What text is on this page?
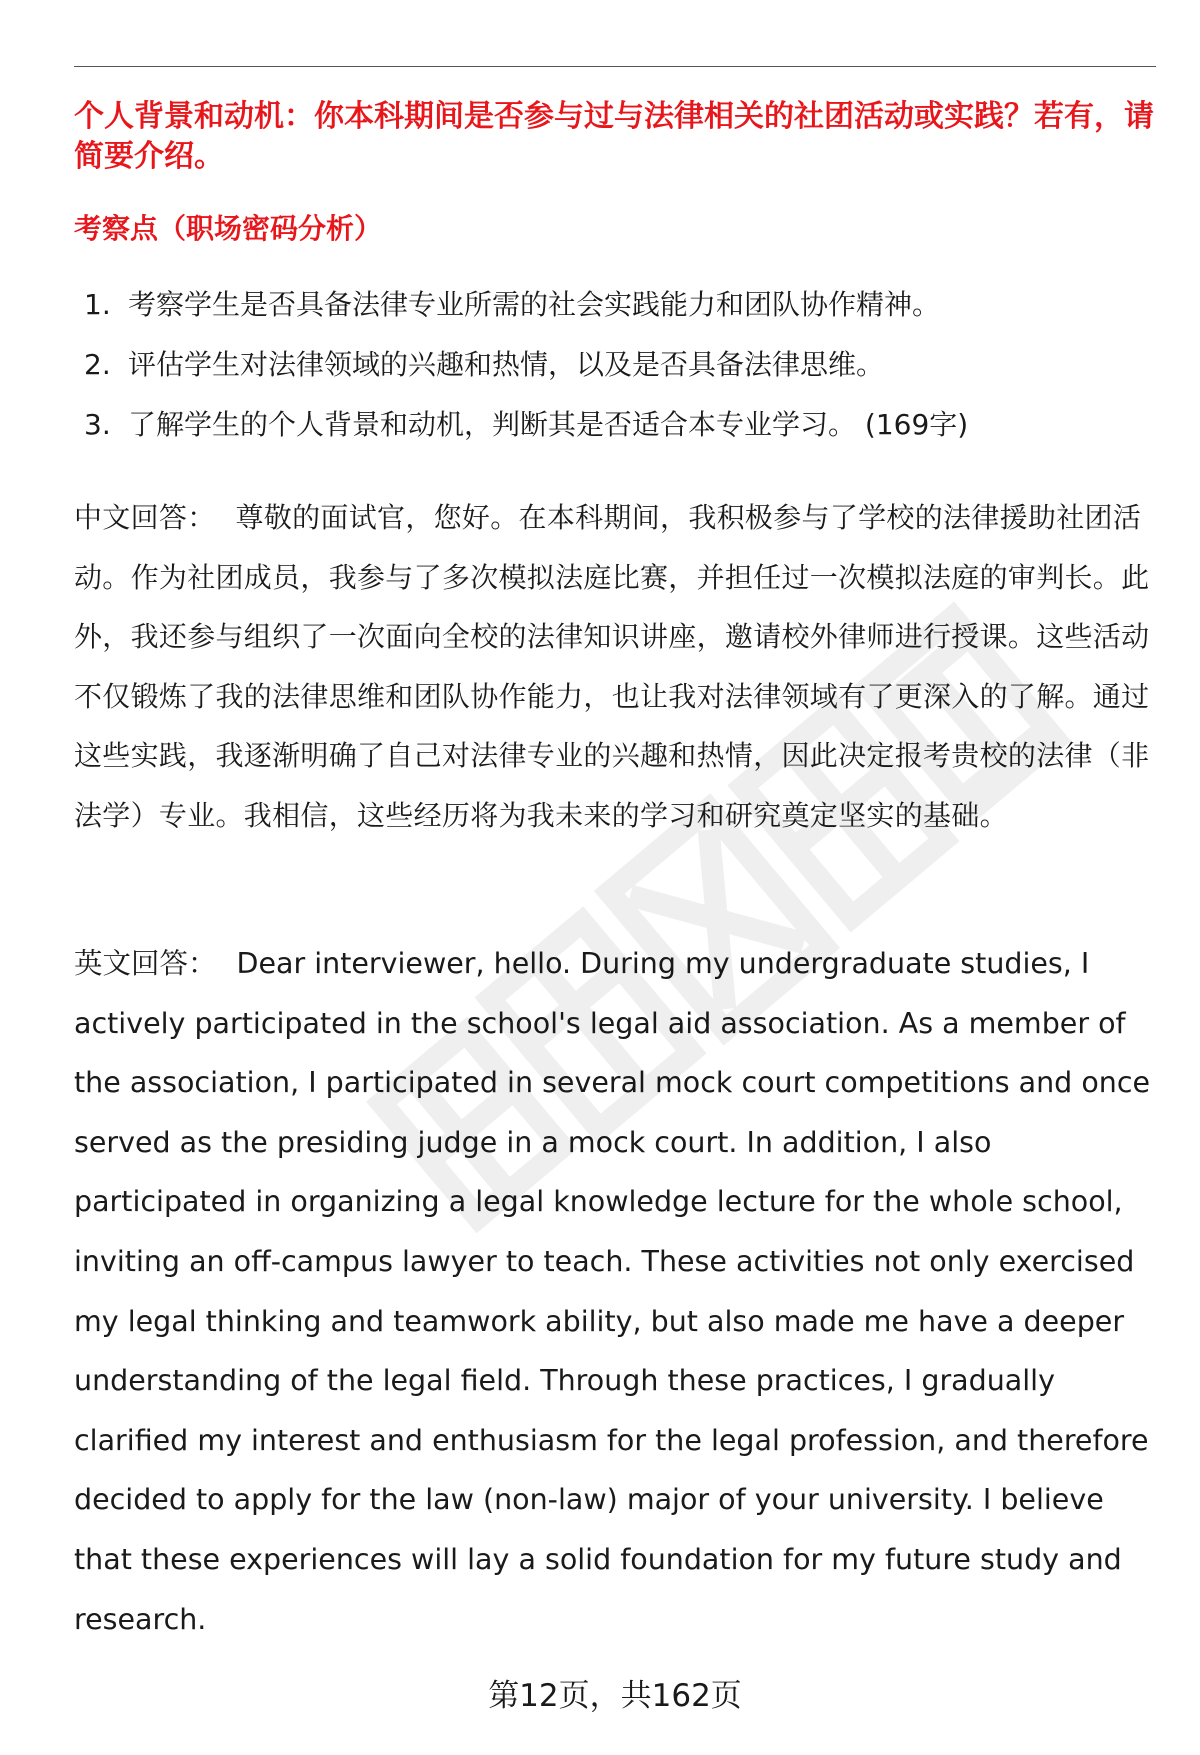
个人背景和动机：你本科期间是否参与过与法律相关的社团活动或实践？若有，请简要介绍。
考察点（职场密码分析）
1. 考察学生是否具备法律专业所需的社会实践能力和团队协作精神。
2. 评估学生对法律领域的兴趣和热情，以及是否具备法律思维。
3. 了解学生的个人背景和动机，判断其是否适合本专业学习。 (169字)

中文回答： 尊敬的面试官，您好。在本科期间，我积极参与了学校的法律援助社团活动。作为社团成员，我参与了多次模拟法庭比赛，并担任过一次模拟法庭的审判长。此外，我还参与组织了一次面向全校的法律知识讲座，邀请校外律师进行授课。这些活动不仅锻炼了我的法律思维和团队协作能力，也让我对法律领域有了更深入的了解。通过这些实践，我逐渐明确了自己对法律专业的兴趣和热情，因此决定报考贵校的法律（非法学）专业。我相信，这些经历将为我未来的学习和研究奠定坚实的基础。

英文回答： Dear interviewer, hello. During my undergraduate studies, I actively participated in the school's legal aid association. As a member of the association, I participated in several mock court competitions and once served as the presiding judge in a mock court. In addition, I also participated in organizing a legal knowledge lecture for the whole school, inviting an off-campus lawyer to teach. These activities not only exercised my legal thinking and teamwork ability, but also made me have a deeper understanding of the legal field. Through these practices, I gradually clarified my interest and enthusiasm for the legal profession, and therefore decided to apply for the law (non-law) major of your university. I believe that these experiences will lay a solid foundation for my future study and research.

第12页，共162页
